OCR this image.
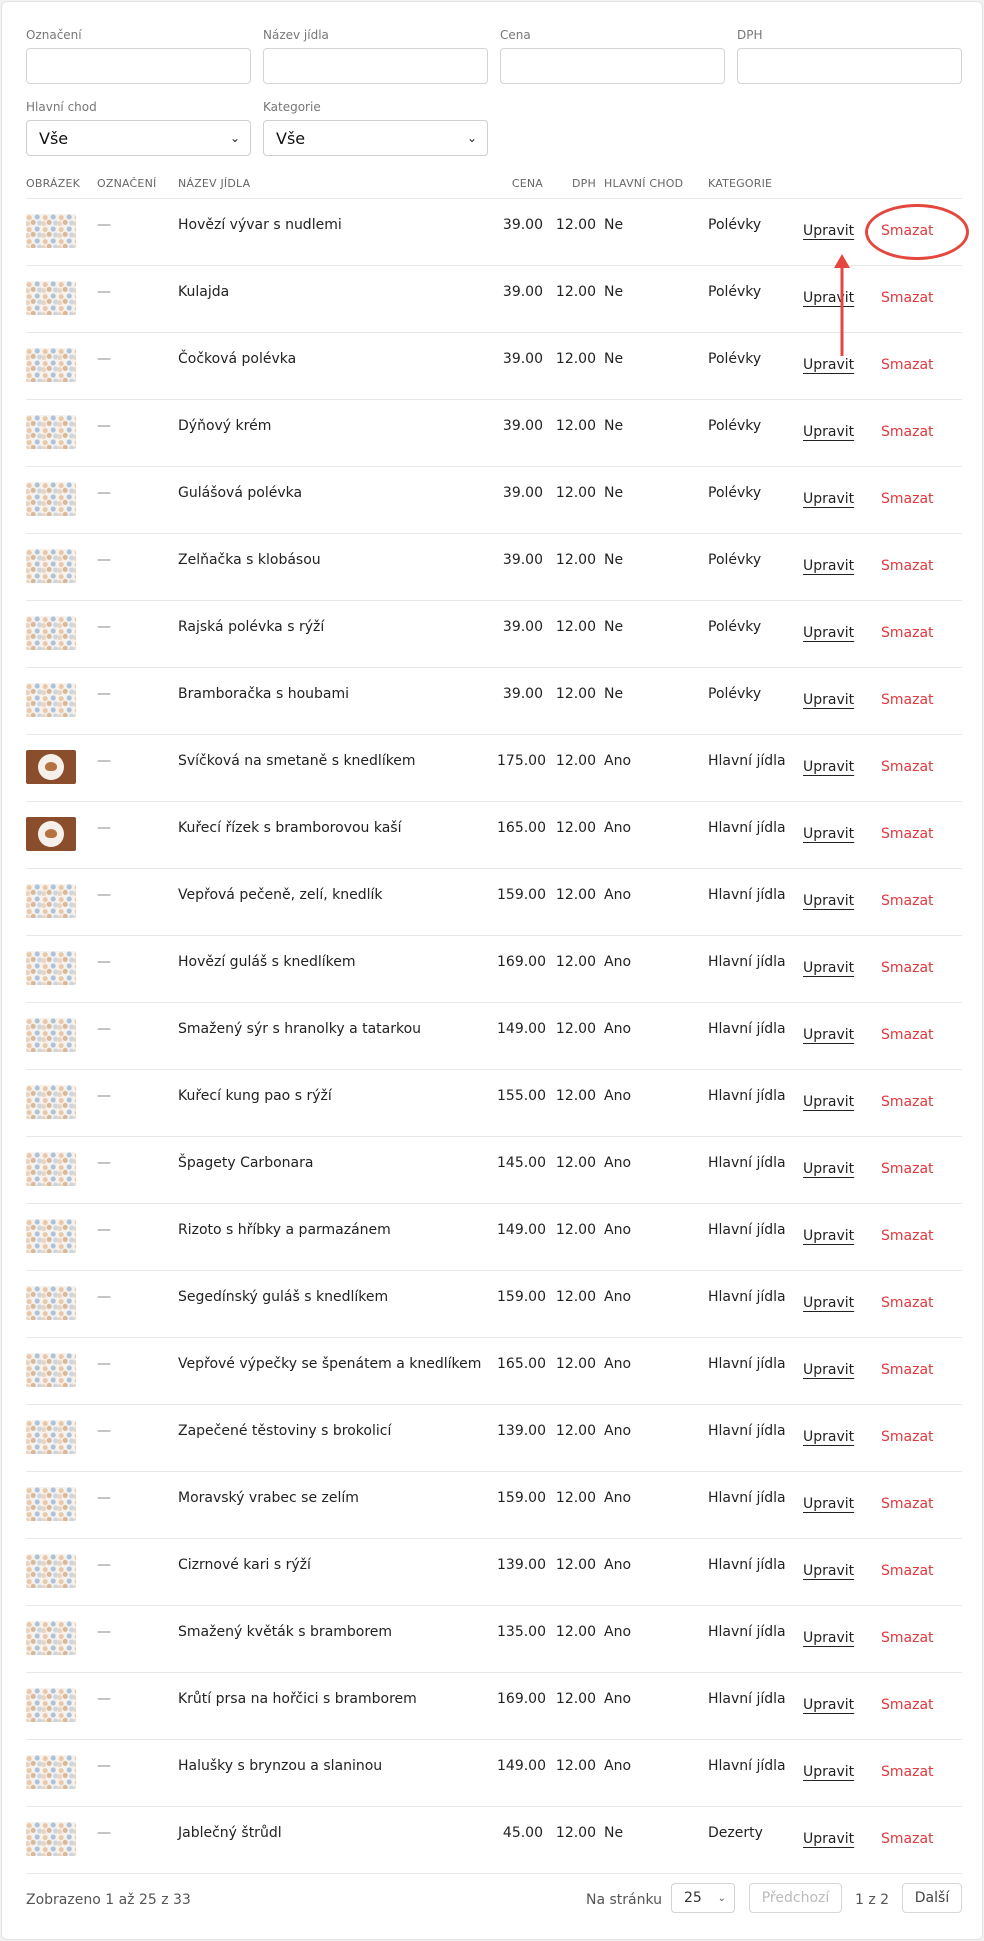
Označení	Název jídla	Cena	DPH
Hlavní chod
Vše	⌄
Kategorie
Vše	⌄
OBRÁZEK	OZNAČENÍ	NÁZEV JÍDLA	CENA	DPH	HLAVNÍ CHOD	KATEGORIE		

	—	Hovězí vývar s nudlemi	39.00	12.00	Ne	Polévky	Upravit	Smazat

	—	Kulajda	39.00	12.00	Ne	Polévky	Upravit	Smazat

	—	Čočková polévka	39.00	12.00	Ne	Polévky	Upravit	Smazat

	—	Dýňový krém	39.00	12.00	Ne	Polévky	Upravit	Smazat

	—	Gulášová polévka	39.00	12.00	Ne	Polévky	Upravit	Smazat

	—	Zelňačka s klobásou	39.00	12.00	Ne	Polévky	Upravit	Smazat

	—	Rajská polévka s rýží	39.00	12.00	Ne	Polévky	Upravit	Smazat

	—	Bramboračka s houbami	39.00	12.00	Ne	Polévky	Upravit	Smazat

	—	Svíčková na smetaně s knedlíkem	175.00	12.00	Ano	Hlavní jídla	Upravit	Smazat

	—	Kuřecí řízek s bramborovou kaší	165.00	12.00	Ano	Hlavní jídla	Upravit	Smazat

	—	Vepřová pečeně, zelí, knedlík	159.00	12.00	Ano	Hlavní jídla	Upravit	Smazat

	—	Hovězí guláš s knedlíkem	169.00	12.00	Ano	Hlavní jídla	Upravit	Smazat

	—	Smažený sýr s hranolky a tatarkou	149.00	12.00	Ano	Hlavní jídla	Upravit	Smazat

	—	Kuřecí kung pao s rýží	155.00	12.00	Ano	Hlavní jídla	Upravit	Smazat

	—	Špagety Carbonara	145.00	12.00	Ano	Hlavní jídla	Upravit	Smazat

	—	Rizoto s hříbky a parmazánem	149.00	12.00	Ano	Hlavní jídla	Upravit	Smazat

	—	Segedínský guláš s knedlíkem	159.00	12.00	Ano	Hlavní jídla	Upravit	Smazat

	—	Vepřové výpečky se špenátem a knedlíkem	165.00	12.00	Ano	Hlavní jídla	Upravit	Smazat

	—	Zapečené těstoviny s brokolicí	139.00	12.00	Ano	Hlavní jídla	Upravit	Smazat

	—	Moravský vrabec se zelím	159.00	12.00	Ano	Hlavní jídla	Upravit	Smazat

	—	Cizrnové kari s rýží	139.00	12.00	Ano	Hlavní jídla	Upravit	Smazat

	—	Smažený květák s bramborem	135.00	12.00	Ano	Hlavní jídla	Upravit	Smazat

	—	Krůtí prsa na hořčici s bramborem	169.00	12.00	Ano	Hlavní jídla	Upravit	Smazat

	—	Halušky s brynzou a slaninou	149.00	12.00	Ano	Hlavní jídla	Upravit	Smazat

	—	Jablečný štrůdl	45.00	12.00	Ne	Dezerty	Upravit	Smazat
Zobrazeno 1 až 25 z 33	Na stránku 25 ⌄	Předchozí	1 z 2	Další
